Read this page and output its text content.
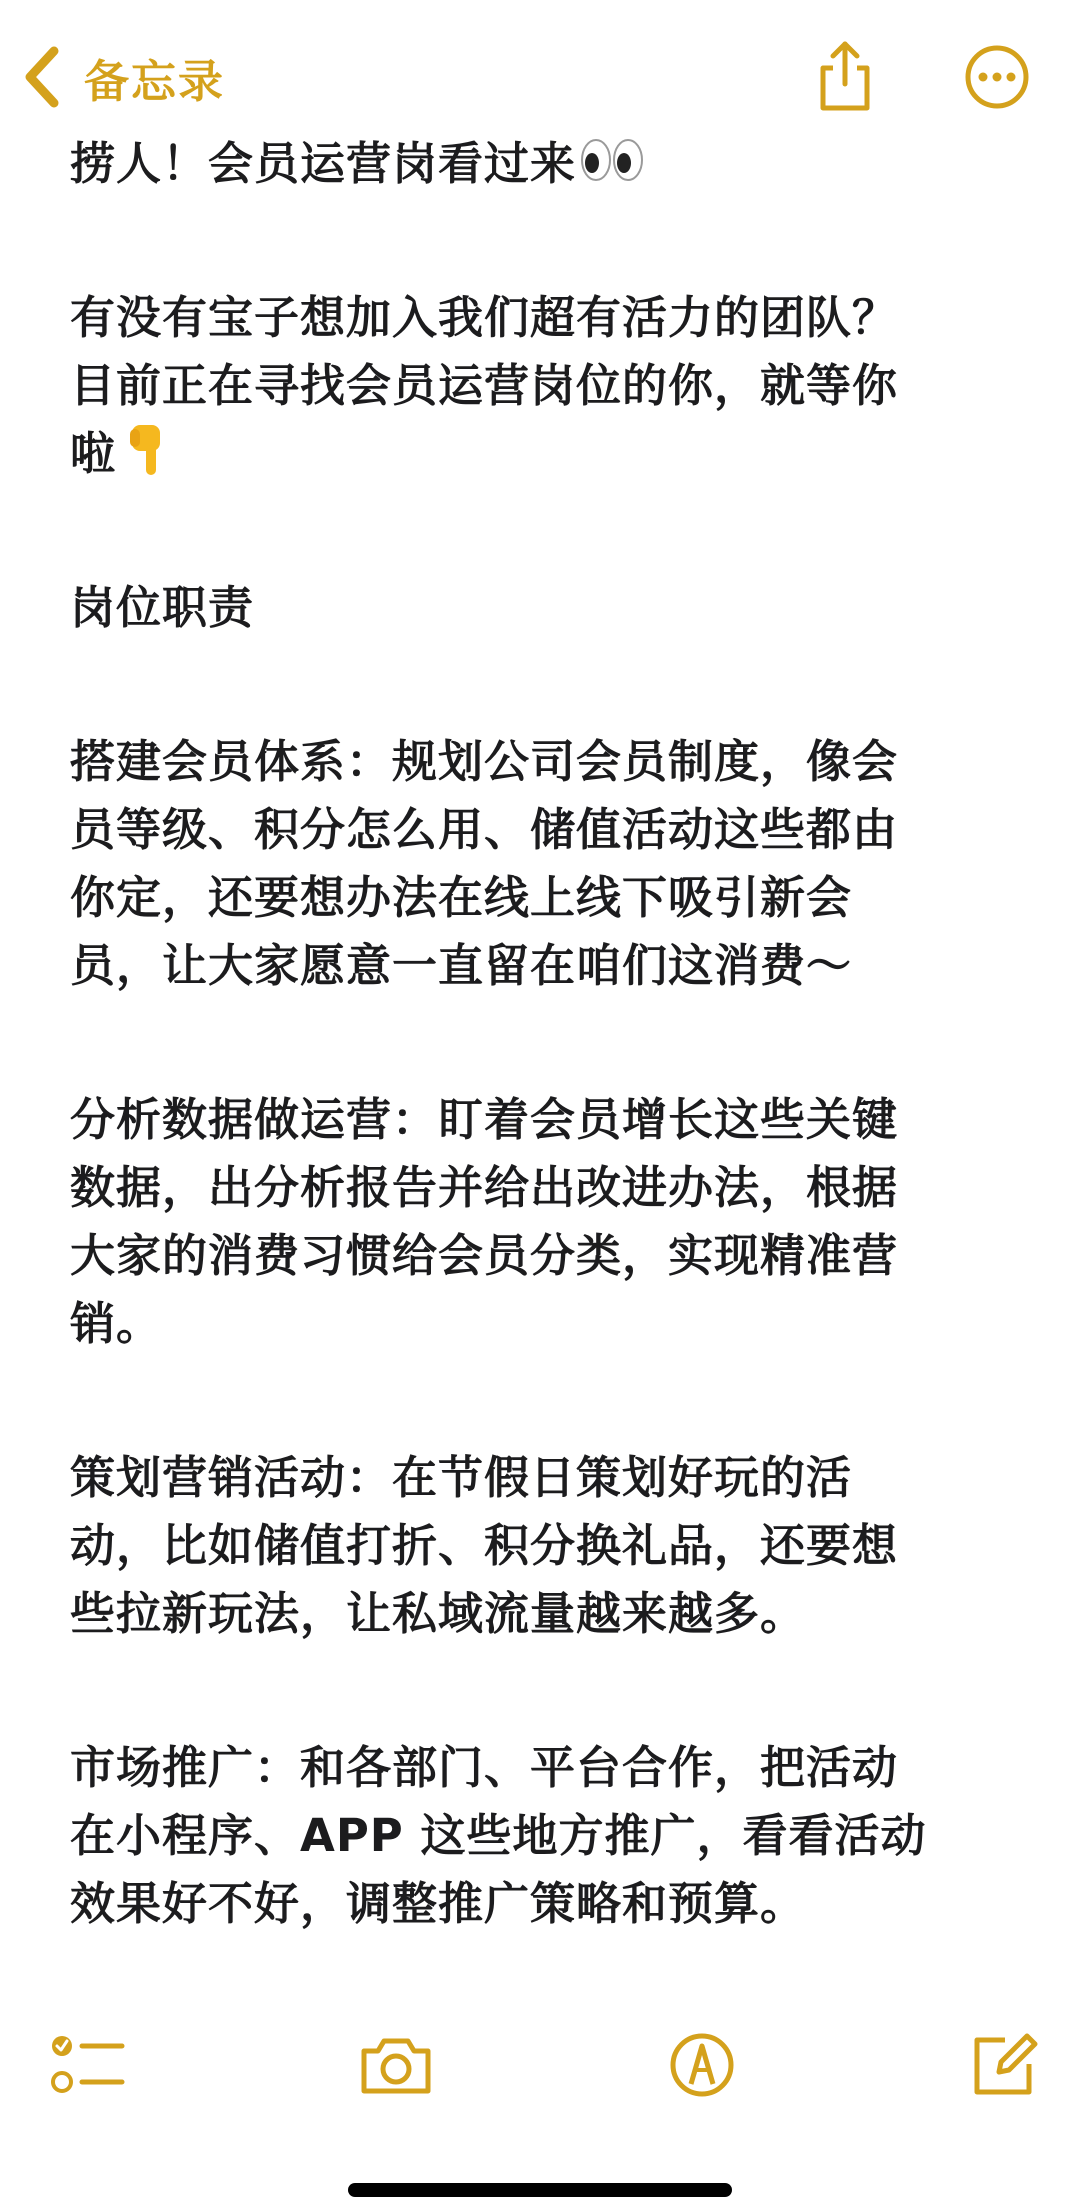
备忘录

捞人！会员运营岗看过来

有没有宝子想加入我们超有活力的团队？

目前正在寻找会员运营岗位的你，就等你

啦

岗位职责

搭建会员体系：规划公司会员制度，像会

员等级、积分怎么用、储值活动这些都由

你定，还要想办法在线上线下吸引新会

员，让大家愿意一直留在咱们这消费～

分析数据做运营：盯着会员增长这些关键

数据，出分析报告并给出改进办法，根据

大家的消费习惯给会员分类，实现精准营

销。

策划营销活动：在节假日策划好玩的活

动，比如储值打折、积分换礼品，还要想

些拉新玩法，让私域流量越来越多。

市场推广：和各部门、平台合作，把活动

在小程序、APP 这些地方推广，看看活动

效果好不好，调整推广策略和预算。
